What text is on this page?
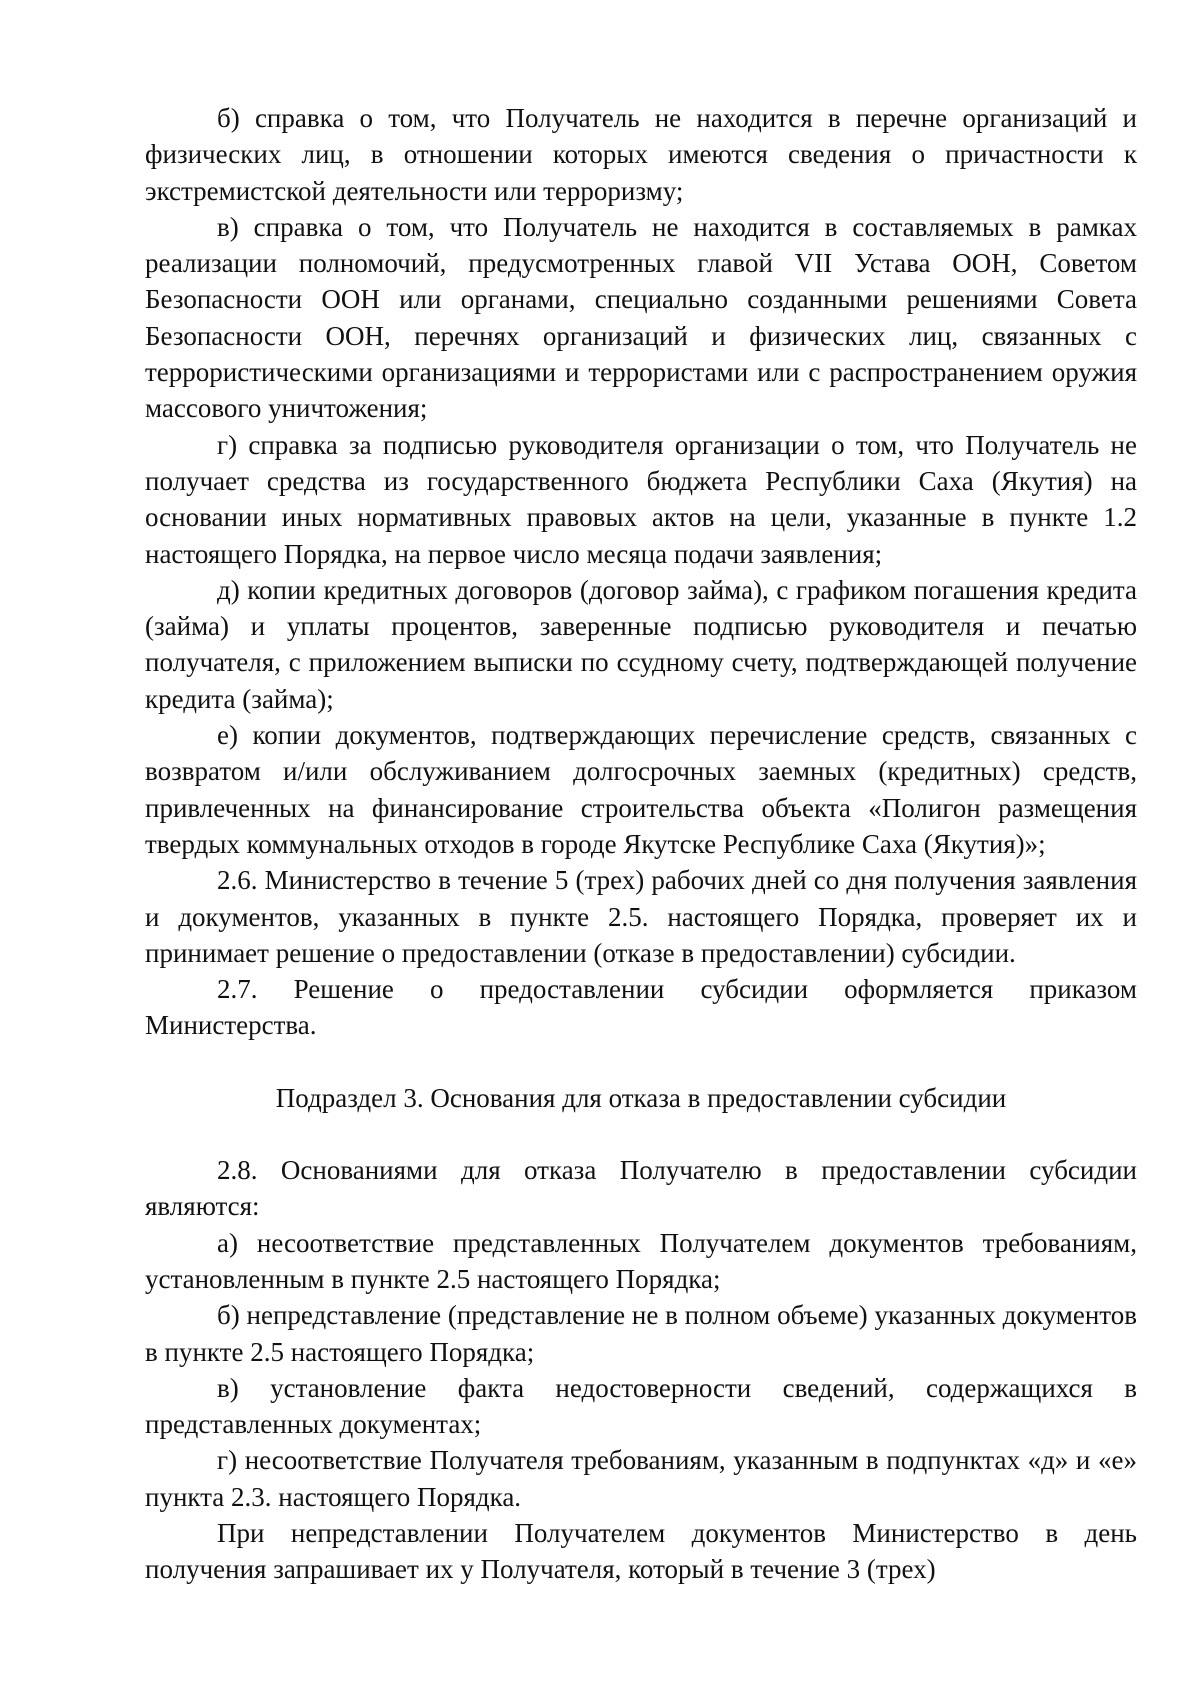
б) справка о том, что Получатель не находится в перечне организаций и физических лиц, в отношении которых имеются сведения о причастности к экстремистской деятельности или терроризму;

в) справка о том, что Получатель не находится в составляемых в рамках реализации полномочий, предусмотренных главой VII Устава ООН, Советом Безопасности ООН или органами, специально созданными решениями Совета Безопасности ООН, перечнях организаций и физических лиц, связанных с террористическими организациями и террористами или с распространением оружия массового уничтожения;

г) справка за подписью руководителя организации о том, что Получатель не получает средства из государственного бюджета Республики Саха (Якутия) на основании иных нормативных правовых актов на цели, указанные в пункте 1.2 настоящего Порядка, на первое число месяца подачи заявления;

д) копии кредитных договоров (договор займа), с графиком погашения кредита (займа) и уплаты процентов, заверенные подписью руководителя и печатью получателя, с приложением выписки по ссудному счету, подтверждающей получение кредита (займа);

е) копии документов, подтверждающих перечисление средств, связанных с возвратом и/или обслуживанием долгосрочных заемных (кредитных) средств, привлеченных на финансирование строительства объекта «Полигон размещения твердых коммунальных отходов в городе Якутске Республике Саха (Якутия)»;

2.6. Министерство в течение 5 (трех) рабочих дней со дня получения заявления и документов, указанных в пункте 2.5. настоящего Порядка, проверяет их и принимает решение о предоставлении (отказе в предоставлении) субсидии.

2.7. Решение о предоставлении субсидии оформляется приказом Министерства.

Подраздел 3. Основания для отказа в предоставлении субсидии

2.8. Основаниями для отказа Получателю в предоставлении субсидии являются:

а) несоответствие представленных Получателем документов требованиям, установленным в пункте 2.5 настоящего Порядка;

б) непредставление (представление не в полном объеме) указанных документов в пункте 2.5 настоящего Порядка;

в) установление факта недостоверности сведений, содержащихся в представленных документах;

г) несоответствие Получателя требованиям, указанным в подпунктах «д» и «е» пункта 2.3. настоящего Порядка.

При непредставлении Получателем документов Министерство в день получения запрашивает их у Получателя, который в течение 3 (трех)
